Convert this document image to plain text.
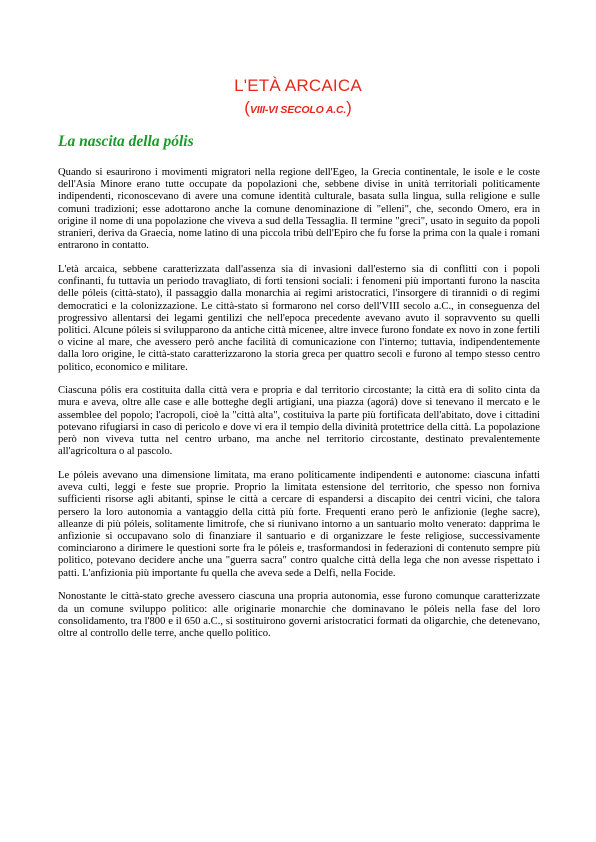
L'ETÀ ARCAICA
(VIII-VI SECOLO A.C.)
La nascita della pólis

Quando si esaurirono i movimenti migratori nella regione dell'Egeo, la Grecia continentale, le isole e le coste dell'Asia Minore erano tutte occupate da popolazioni che, sebbene divise in unità territoriali politicamente indipendenti, riconoscevano di avere una comune identità culturale, basata sulla lingua, sulla religione e sulle comuni tradizioni; esse adottarono anche la comune denominazione di "elleni", che, secondo Omero, era in origine il nome di una popolazione che viveva a sud della Tessaglia. Il termine "greci", usato in seguito da popoli stranieri, deriva da Graecia, nome latino di una piccola tribù dell'Epiro che fu forse la prima con la quale i romani entrarono in contatto.

L'età arcaica, sebbene caratterizzata dall'assenza sia di invasioni dall'esterno sia di conflitti con i popoli confinanti, fu tuttavia un periodo travagliato, di forti tensioni sociali: i fenomeni più importanti furono la nascita delle póleis (città-stato), il passaggio dalla monarchia ai regimi aristocratici, l'insorgere di tirannidi o di regimi democratici e la colonizzazione. Le città-stato si formarono nel corso dell'VIII secolo a.C., in conseguenza del progressivo allentarsi dei legami gentilizi che nell'epoca precedente avevano avuto il sopravvento su quelli politici. Alcune póleis si svilupparono da antiche città micenee, altre invece furono fondate ex novo in zone fertili o vicine al mare, che avessero però anche facilità di comunicazione con l'interno; tuttavia, indipendentemente dalla loro origine, le città-stato caratterizzarono la storia greca per quattro secoli e furono al tempo stesso centro politico, economico e militare.

Ciascuna pólis era costituita dalla città vera e propria e dal territorio circostante; la città era di solito cinta da mura e aveva, oltre alle case e alle botteghe degli artigiani, una piazza (agorá) dove si tenevano il mercato e le assemblee del popolo; l'acropoli, cioè la "città alta", costituiva la parte più fortificata dell'abitato, dove i cittadini potevano rifugiarsi in caso di pericolo e dove vi era il tempio della divinità protettrice della città. La popolazione però non viveva tutta nel centro urbano, ma anche nel territorio circostante, destinato prevalentemente all'agricoltura o al pascolo.

Le póleis avevano una dimensione limitata, ma erano politicamente indipendenti e autonome: ciascuna infatti aveva culti, leggi e feste sue proprie. Proprio la limitata estensione del territorio, che spesso non forniva sufficienti risorse agli abitanti, spinse le città a cercare di espandersi a discapito dei centri vicini, che talora persero la loro autonomia a vantaggio della città più forte. Frequenti erano però le anfizionìe (leghe sacre), alleanze di più póleis, solitamente limitrofe, che si riunivano intorno a un santuario molto venerato: dapprima le anfizionìe si occupavano solo di finanziare il santuario e di organizzare le feste religiose, successivamente cominciarono a dirimere le questioni sorte fra le póleis e, trasformandosi in federazioni di contenuto sempre più politico, potevano decidere anche una "guerra sacra" contro qualche città della lega che non avesse rispettato i patti. L'anfizionìa più importante fu quella che aveva sede a Delfi, nella Focide.

Nonostante le città-stato greche avessero ciascuna una propria autonomia, esse furono comunque caratterizzate da un comune sviluppo politico: alle originarie monarchie che dominavano le póleis nella fase del loro consolidamento, tra l'800 e il 650 a.C., si sostituirono governi aristocratici formati da oligarchie, che detenevano, oltre al controllo delle terre, anche quello politico.
